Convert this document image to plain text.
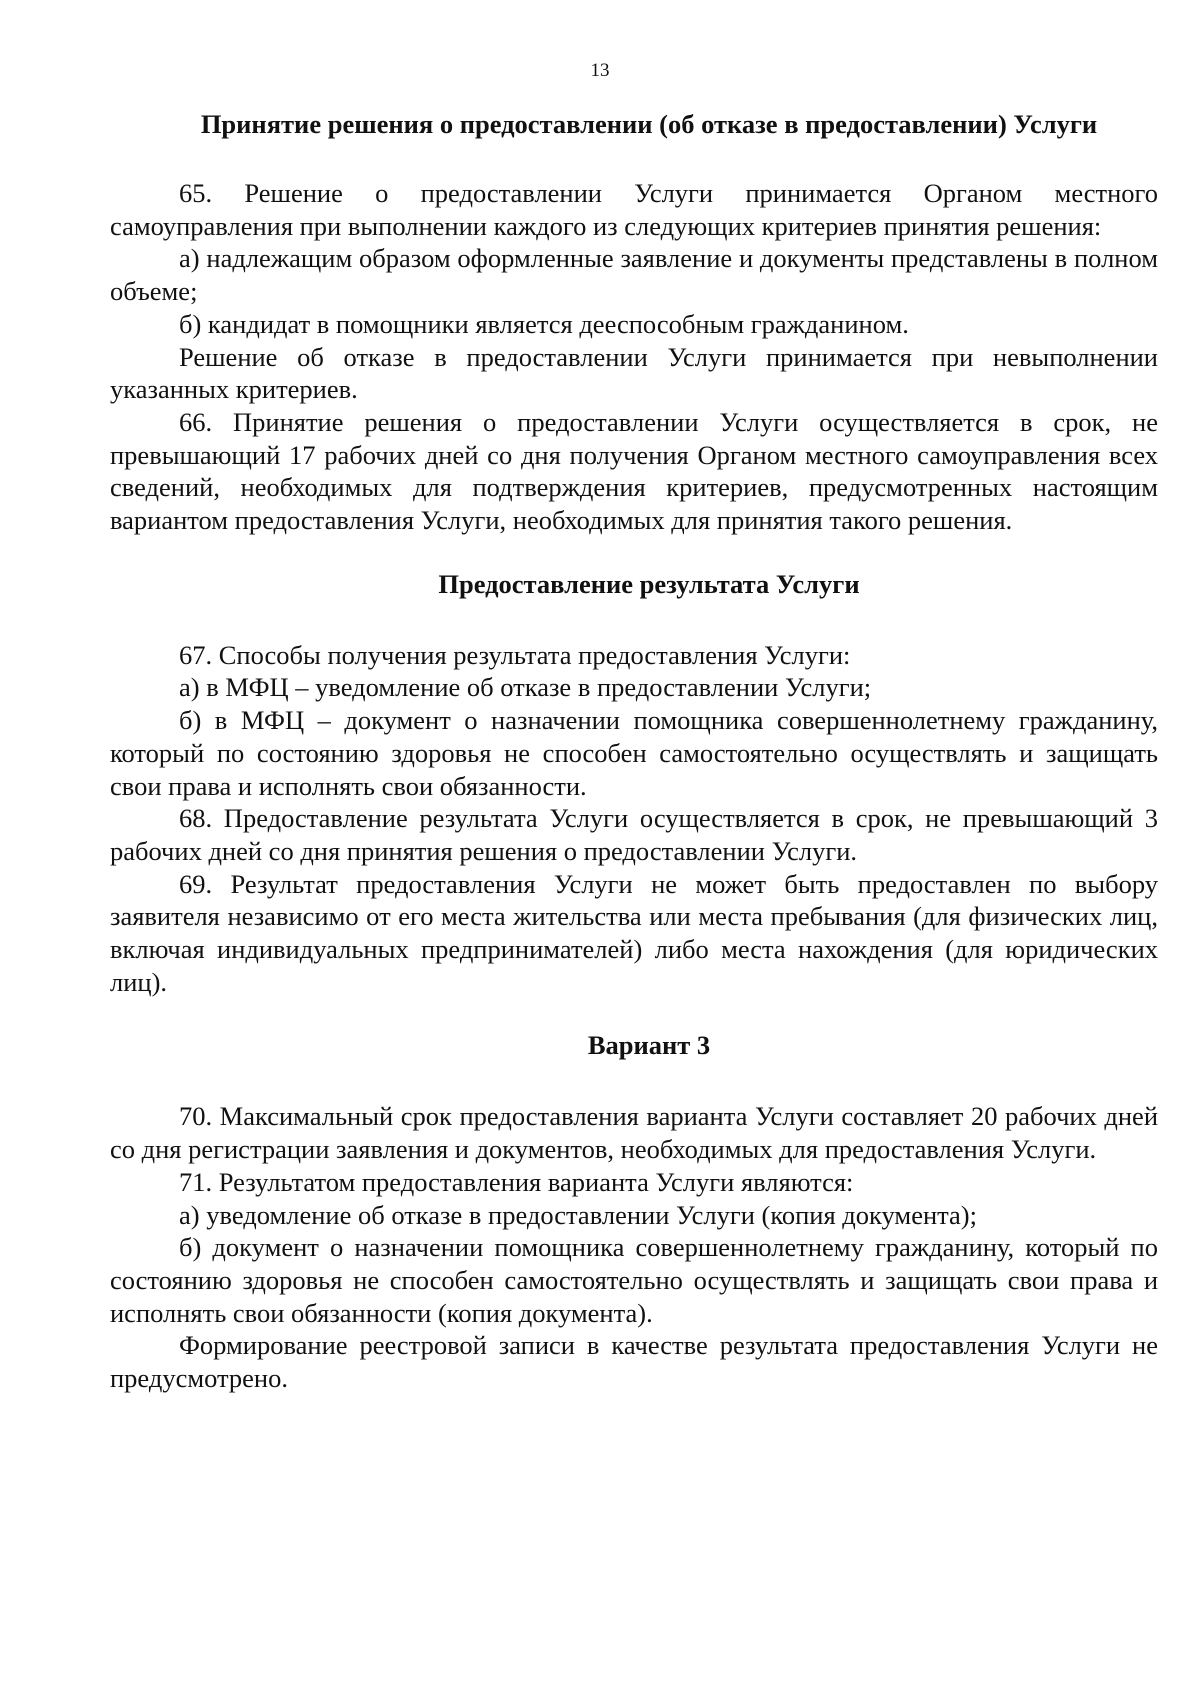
13
Принятие решения о предоставлении (об отказе в предоставлении) Услуги

65. Решение о предоставлении Услуги принимается Органом местного самоуправления при выполнении каждого из следующих критериев принятия решения:

а) надлежащим образом оформленные заявление и документы представлены в полном объеме;

б) кандидат в помощники является дееспособным гражданином.

Решение об отказе в предоставлении Услуги принимается при невыполнении указанных критериев.

66. Принятие решения о предоставлении Услуги осуществляется в срок, не превышающий 17 рабочих дней со дня получения Органом местного самоуправления всех сведений, необходимых для подтверждения критериев, предусмотренных настоящим вариантом предоставления Услуги, необходимых для принятия такого решения.

Предоставление результата Услуги

67. Способы получения результата предоставления Услуги:

а) в МФЦ – уведомление об отказе в предоставлении Услуги;

б) в МФЦ – документ о назначении помощника совершеннолетнему гражданину, который по состоянию здоровья не способен самостоятельно осуществлять и защищать свои права и исполнять свои обязанности.

68. Предоставление результата Услуги осуществляется в срок, не превышающий 3 рабочих дней со дня принятия решения о предоставлении Услуги.

69. Результат предоставления Услуги не может быть предоставлен по выбору заявителя независимо от его места жительства или места пребывания (для физических лиц, включая индивидуальных предпринимателей) либо места нахождения (для юридических лиц).

Вариант 3

70. Максимальный срок предоставления варианта Услуги составляет 20 рабочих дней со дня регистрации заявления и документов, необходимых для предоставления Услуги.

71. Результатом предоставления варианта Услуги являются:

а) уведомление об отказе в предоставлении Услуги (копия документа);

б) документ о назначении помощника совершеннолетнему гражданину, который по состоянию здоровья не способен самостоятельно осуществлять и защищать свои права и исполнять свои обязанности (копия документа).

Формирование реестровой записи в качестве результата предоставления Услуги не предусмотрено.
